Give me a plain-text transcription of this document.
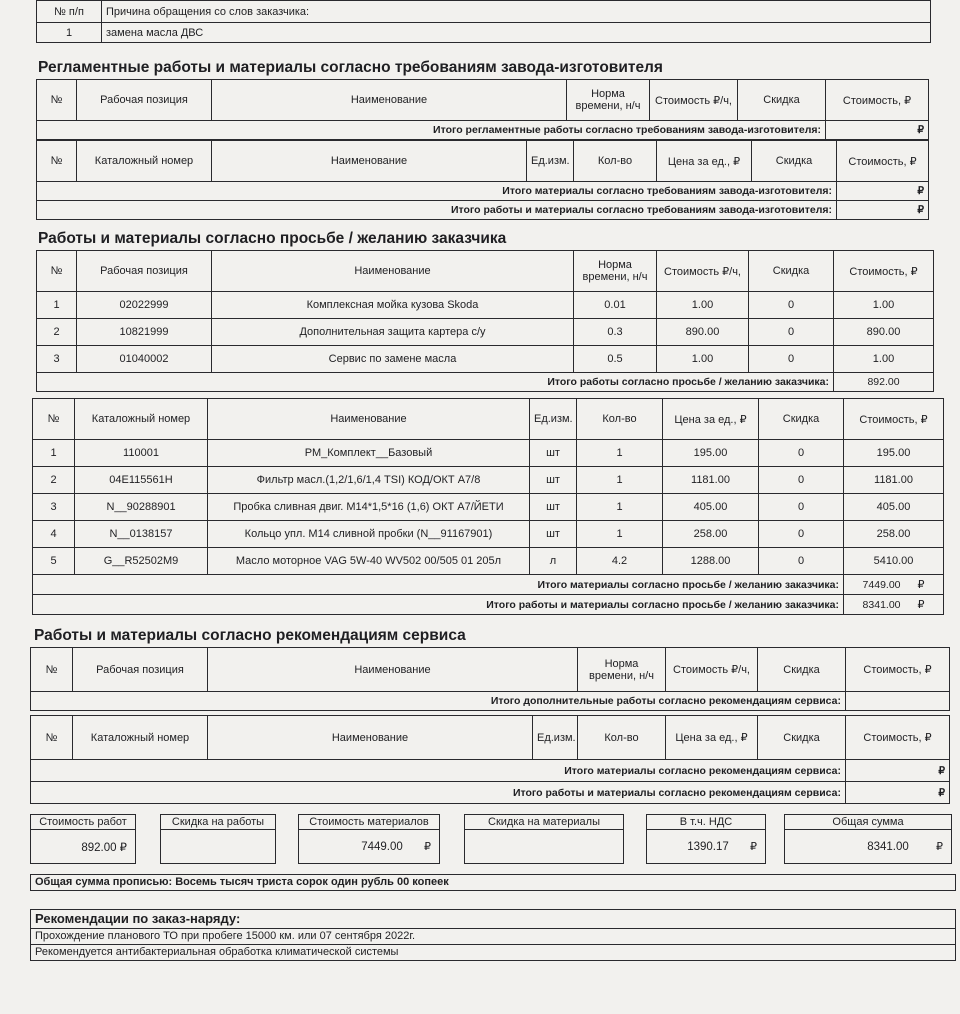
№ п/п	Причина обращения со слов заказчика:
1	замена масла ДВС
Регламентные работы и материалы согласно требованиям завода-изготовителя
№	Рабочая позиция	Наименование	Норма времени, н/ч	Стоимость ₽/ч,	Скидка	Стоимость, ₽
Итого регламентные работы согласно требованиям завода-изготовителя:						₽
№	Каталожный номер	Наименование	Ед.изм.	Кол-во	Цена за ед., ₽	Скидка	Стоимость, ₽
Итого материалы согласно требованиям завода-изготовителя:							₽
Итого работы и материалы согласно требованиям завода-изготовителя:							₽
Работы и материалы согласно просьбе / желанию заказчика
№	Рабочая позиция	Наименование	Норма времени, н/ч	Стоимость ₽/ч,	Скидка	Стоимость, ₽
1	02022999	Комплексная мойка кузова Skoda	0.01	1.00	0	1.00
2	10821999	Дополнительная защита картера с/у	0.3	890.00	0	890.00
3	01040002	Сервис по замене масла	0.5	1.00	0	1.00
Итого работы согласно просьбе / желанию заказчика:						892.00
№	Каталожный номер	Наименование	Ед.изм.	Кол-во	Цена за ед., ₽	Скидка	Стоимость, ₽
1	110001	РМ_Комплект__Базовый	шт	1	195.00	0	195.00
2	04E115561H	Фильтр масл.(1,2/1,6/1,4 TSI) КОД/ОКТ А7/8	шт	1	1181.00	0	1181.00
3	N__90288901	Пробка сливная двиг. М14*1,5*16 (1,6) ОКТ А7/ЙЕТИ	шт	1	405.00	0	405.00
4	N__0138157	Кольцо упл. М14 сливной пробки (N__91167901)	шт	1	258.00	0	258.00
5	G__R52502M9	Масло моторное VAG 5W-40 WV502 00/505 01 205л	л	4.2	1288.00	0	5410.00
Итого материалы согласно просьбе / желанию заказчика:							7449.00 ₽
Итого работы и материалы согласно просьбе / желанию заказчика:							8341.00 ₽
Работы и материалы согласно рекомендациям сервиса
№	Рабочая позиция	Наименование	Норма времени, н/ч	Стоимость ₽/ч,	Скидка	Стоимость, ₽
Итого дополнительные работы согласно рекомендациям сервиса:						
№	Каталожный номер	Наименование	Ед.изм.	Кол-во	Цена за ед., ₽	Скидка	Стоимость, ₽
Итого материалы согласно рекомендациям сервиса:							₽
Итого работы и материалы согласно рекомендациям сервиса:							₽
Стоимость работ
892.00 ₽
Скидка на работы	Стоимость материалов
7449.00 ₽
Скидка на материалы	В т.ч. НДС
1390.17 ₽
Общая сумма
8341.00 ₽
Общая сумма прописью: Восемь тысяч триста сорок один рубль 00 копеек
Рекомендации по заказ-наряду:
Прохождение планового ТО при пробеге 15000 км. или 07 сентября 2022г.
Рекомендуется антибактериальная обработка климатической системы
